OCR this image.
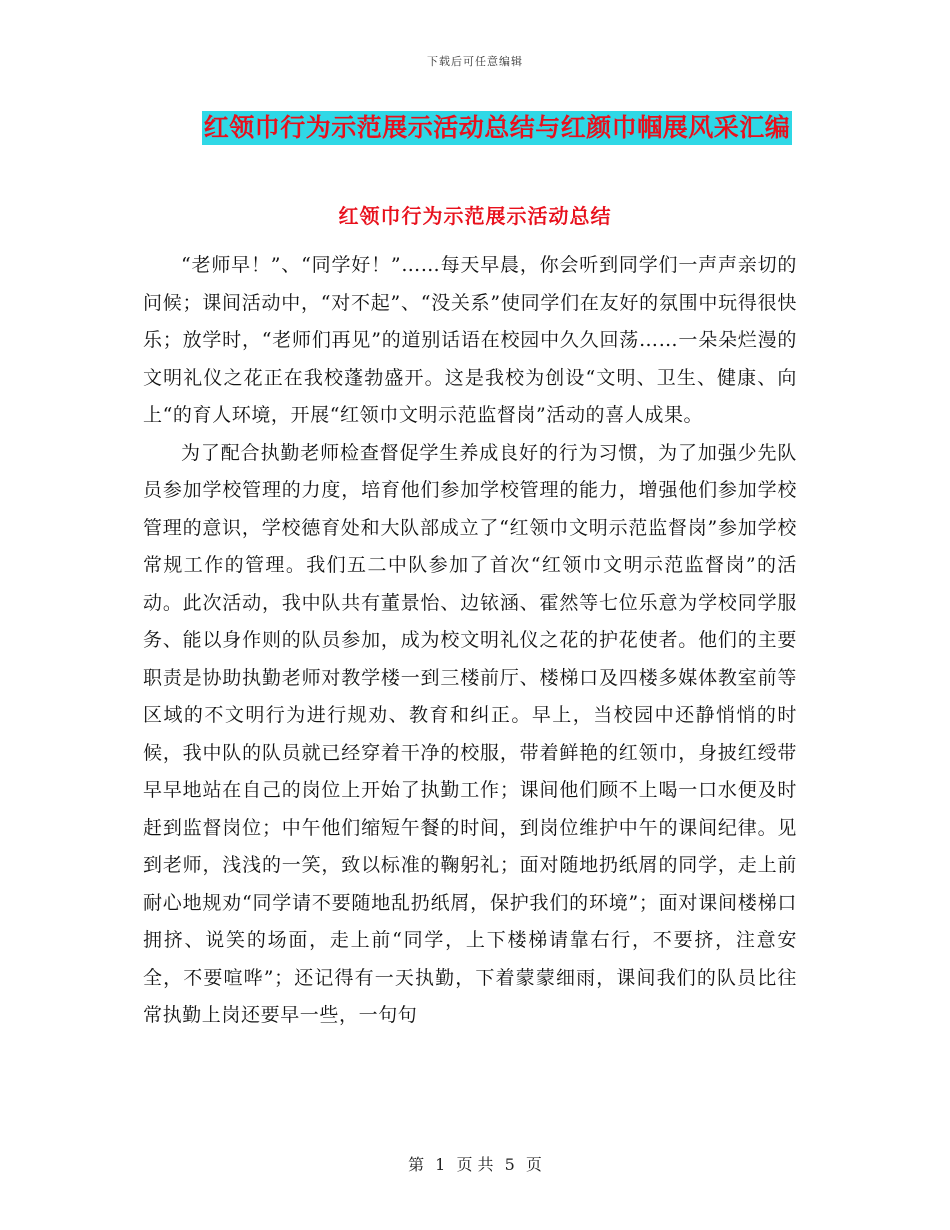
下载后可任意编辑
红领巾行为示范展示活动总结与红颜巾帼展风采汇编
红领巾行为示范展示活动总结

“老师早！”、“同学好！”……每天早晨，你会听到同学们一声声亲切的问候；课间活动中，“对不起”、“没关系”使同学们在友好的氛围中玩得很快乐；放学时，“老师们再见”的道别话语在校园中久久回荡……一朵朵烂漫的文明礼仪之花正在我校蓬勃盛开。这是我校为创设“文明、卫生、健康、向上“的育人环境，开展“红领巾文明示范监督岗”活动的喜人成果。

为了配合执勤老师检查督促学生养成良好的行为习惯，为了加强少先队员参加学校管理的力度，培育他们参加学校管理的能力，增强他们参加学校管理的意识，学校德育处和大队部成立了“红领巾文明示范监督岗”参加学校常规工作的管理。我们五二中队参加了首次“红领巾文明示范监督岗”的活动。此次活动，我中队共有董景怡、边铱涵、霍然等七位乐意为学校同学服务、能以身作则的队员参加，成为校文明礼仪之花的护花使者。他们的主要职责是协助执勤老师对教学楼一到三楼前厅、楼梯口及四楼多媒体教室前等区域的不文明行为进行规劝、教育和纠正。早上，当校园中还静悄悄的时候，我中队的队员就已经穿着干净的校服，带着鲜艳的红领巾，身披红绶带早早地站在自己的岗位上开始了执勤工作；课间他们顾不上喝一口水便及时赶到监督岗位；中午他们缩短午餐的时间，到岗位维护中午的课间纪律。见到老师，浅浅的一笑，致以标准的鞠躬礼；面对随地扔纸屑的同学，走上前耐心地规劝“同学请不要随地乱扔纸屑，保护我们的环境”；面对课间楼梯口拥挤、说笑的场面，走上前“同学，上下楼梯请靠右行，不要挤，注意安全，不要喧哗”；还记得有一天执勤，下着蒙蒙细雨，课间我们的队员比往常执勤上岗还要早一些，一句句

第 1 页 共 5 页
